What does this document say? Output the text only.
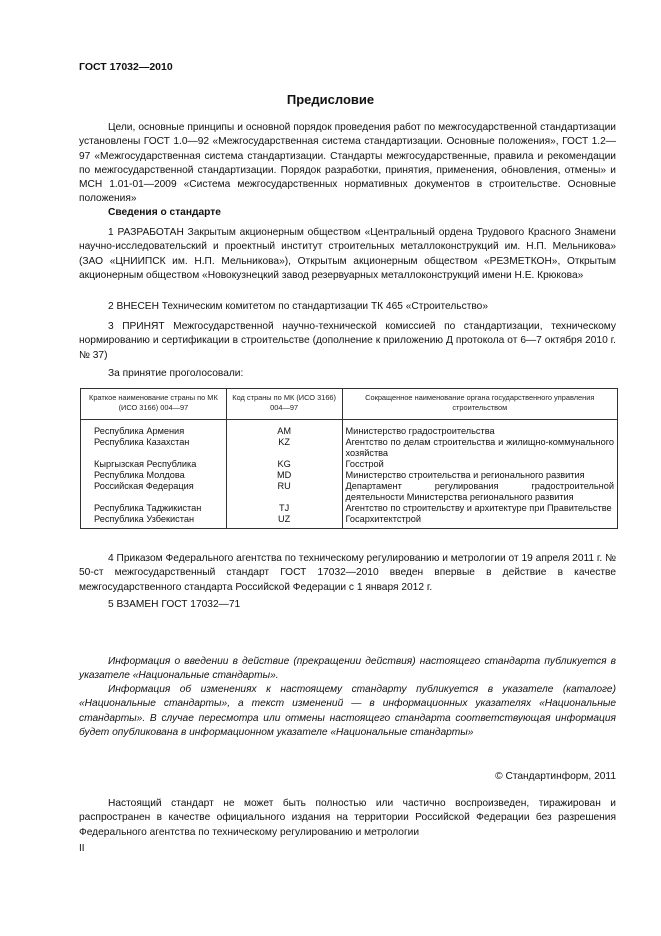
ГОСТ 17032—2010
Предисловие
Цели, основные принципы и основной порядок проведения работ по межгосударственной стандартизации установлены ГОСТ 1.0—92 «Межгосударственная система стандартизации. Основные положения», ГОСТ 1.2—97 «Межгосударственная система стандартизации. Стандарты межгосударственные, правила и рекомендации по межгосударственной стандартизации. Порядок разработки, принятия, применения, обновления, отмены» и МСН 1.01-01—2009 «Система межгосударственных нормативных документов в строительстве. Основные положения»
Сведения о стандарте
1 РАЗРАБОТАН Закрытым акционерным обществом «Центральный ордена Трудового Красного Знамени научно-исследовательский и проектный институт строительных металлоконструкций им. Н.П. Мельникова» (ЗАО «ЦНИИПСК им. Н.П. Мельникова»), Открытым акционерным обществом «РЕЗМЕТКОН», Открытым акционерным обществом «Новокузнецкий завод резервуарных металлоконструкций имени Н.Е. Крюкова»
2 ВНЕСЕН Техническим комитетом по стандартизации ТК 465 «Строительство»
3 ПРИНЯТ Межгосударственной научно-технической комиссией по стандартизации, техническому нормированию и сертификации в строительстве (дополнение к приложению Д протокола от 6—7 октября 2010 г. № 37)
За принятие проголосовали:
Краткое наименование страны по МК (ИСО 3166) 004—97	Код страны по МК (ИСО 3166) 004—97	Сокращенное наименование органа государственного управления строительством
Республика Армения	AM	Министерство градостроительства
Республика Казахстан	KZ	Агентство по делам строительства и жилищно-коммунального хозяйства
Кыргызская Республика	KG	Госстрой
Республика Молдова	MD	Министерство строительства и регионального развития
Российская Федерация	RU	Департамент регулирования градостроительной деятельности Министерства регионального развития
Республика Таджикистан	TJ	Агентство по строительству и архитектуре при Правительстве
Республика Узбекистан	UZ	Госархитектстрой
4 Приказом Федерального агентства по техническому регулированию и метрологии от 19 апреля 2011 г. № 50-ст межгосударственный стандарт ГОСТ 17032—2010 введен впервые в действие в качестве межгосударственного стандарта Российской Федерации с 1 января 2012 г.
5 ВЗАМЕН ГОСТ 17032—71
Информация о введении в действие (прекращении действия) настоящего стандарта публикуется в указателе «Национальные стандарты».
Информация об изменениях к настоящему стандарту публикуется в указателе (каталоге) «Национальные стандарты», а текст изменений — в информационных указателях «Национальные стандарты». В случае пересмотра или отмены настоящего стандарта соответствующая информация будет опубликована в информационном указателе «Национальные стандарты»
© Стандартинформ, 2011
Настоящий стандарт не может быть полностью или частично воспроизведен, тиражирован и распространен в качестве официального издания на территории Российской Федерации без разрешения Федерального агентства по техническому регулированию и метрологии
II
